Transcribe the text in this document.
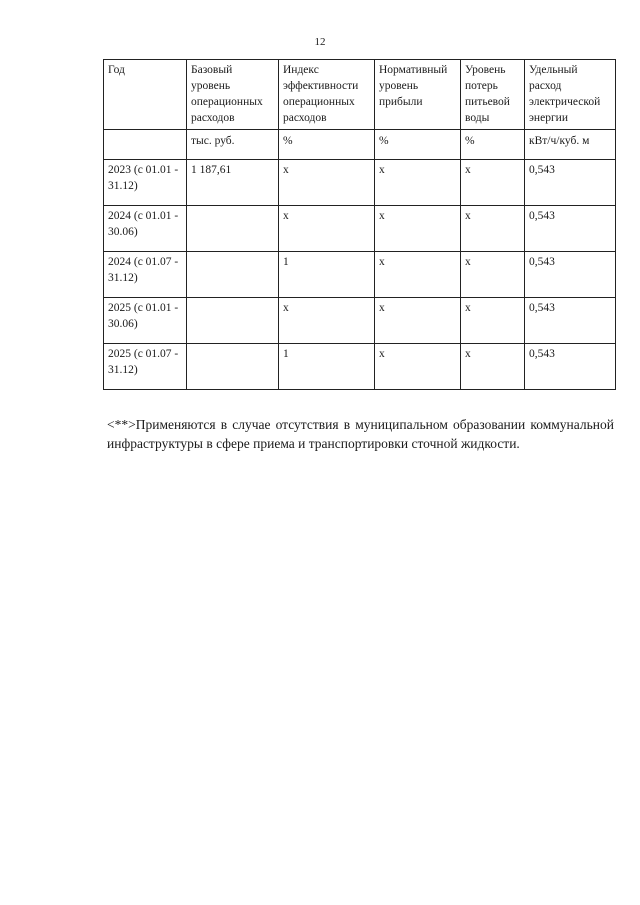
12
Год	Базовый уровень операционных расходов	Индекс эффективности операционных расходов	Нормативный уровень прибыли	Уровень потерь питьевой воды	Удельный расход электрической энергии
	тыс. руб.	%	%	%	кВт/ч/куб. м
2023 (с 01.01 - 31.12)	1 187,61	х	х	х	0,543
2024 (с 01.01 - 30.06)		х	х	х	0,543
2024 (с 01.07 - 31.12)		1	х	х	0,543
2025 (с 01.01 - 30.06)		х	х	х	0,543
2025 (с 01.07 - 31.12)		1	х	х	0,543

<**>Применяются в случае отсутствия в муниципальном образовании коммунальной инфраструктуры в сфере приема и транспортировки сточной жидкости.
